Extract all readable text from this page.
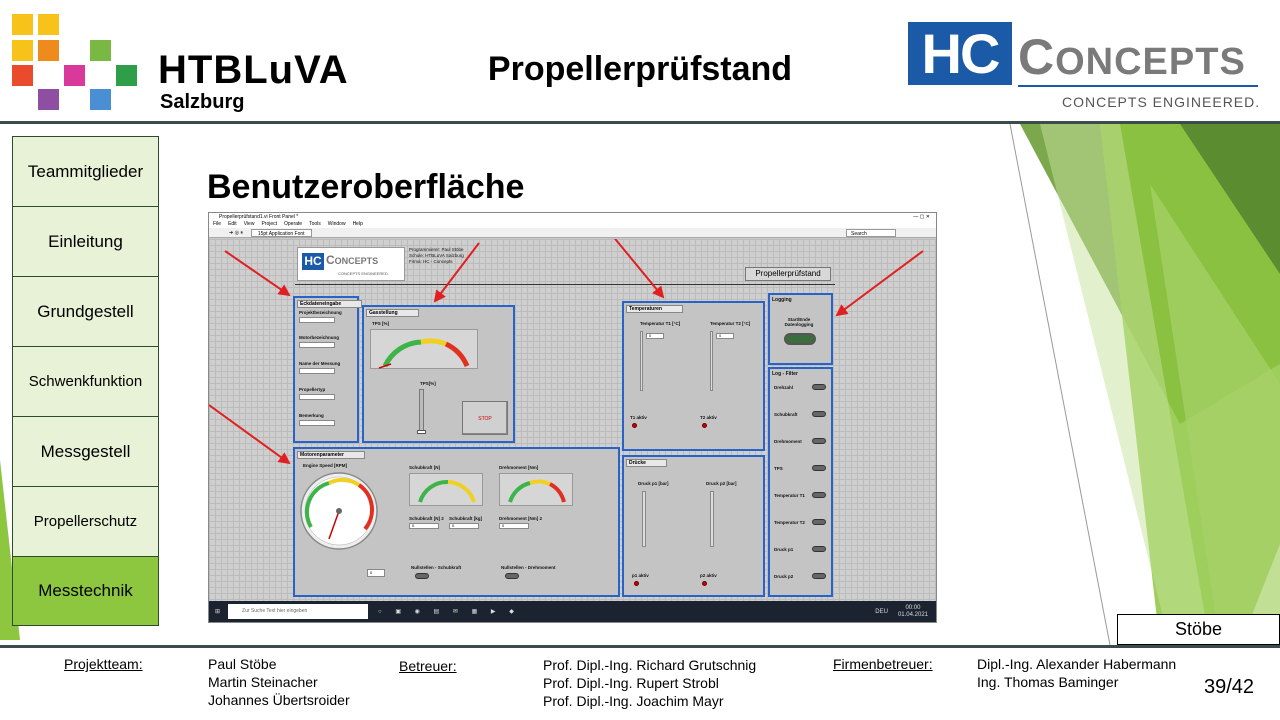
HTBLuVA
Salzburg
Propellerprüfstand	HC CONCEPTS
CONCEPTS ENGINEERED.
Teammitglieder
Einleitung
Grundgestell
Schwenkfunktion
Messgestell
Propellerschutz
Messtechnik
Benutzeroberfläche
Propellerprüfstand1.vi Front Panel *	— ▢ ✕
File Edit View Project Operate Tools Window Help
➜ ◎ ⏸	15pt Application Font	Search
HC CONCEPTS
CONCEPTS ENGINEERED.
Programmierer: Paul Stöbe
Schule: HTBLuVA Salzburg
Firma: HC - Concepts
Propellerprüfstand
Eckdateneingabe
Projektbezeichnung
Motorbezeichnung
Name der Messung
Propellertyp
Bemerkung
Gasstellung
TPS [%]
TPS[%]
STOP
Motorenparameter
Engine Speed [RPM]
0
Schubkraft [N]
Schubkraft [N] 2
0
Schubkraft [kg]
0
Drehmoment [Nm]
Drehmoment [Nm] 2
0
Nullstellen - Schubkraft	Nullstellen - Drehmoment
Temperaturen
Temperatur T1 [°C]
0
Temperatur T2 [°C]
0
T1 aktiv	T2 aktiv
Drücke
Druck p1 [bar]	Druck p2 [bar]
p1 aktiv	p2 aktiv
Logging
Start/Ende Datenlogging
Log - Filter
Drehzahl
Schubkraft
Drehmoment
TPS
Temperatur T1
Temperatur T2
Druck p1
Druck p2
⊞	Zur Suche Text hier eingeben	○ ▣ ◉ ▤ ✉ ▦ ▶ ◆	DEU
00:00
01.04.2021
Stöbe
Projektteam:	Paul Stöbe
Martin Steinacher
Johannes Übertsroider
Betreuer:	Prof. Dipl.-Ing. Richard Grutschnig
Prof. Dipl.-Ing. Rupert Strobl
Prof. Dipl.-Ing. Joachim Mayr
Firmenbetreuer:	Dipl.-Ing. Alexander Habermann
Ing. Thomas Baminger	39/42
